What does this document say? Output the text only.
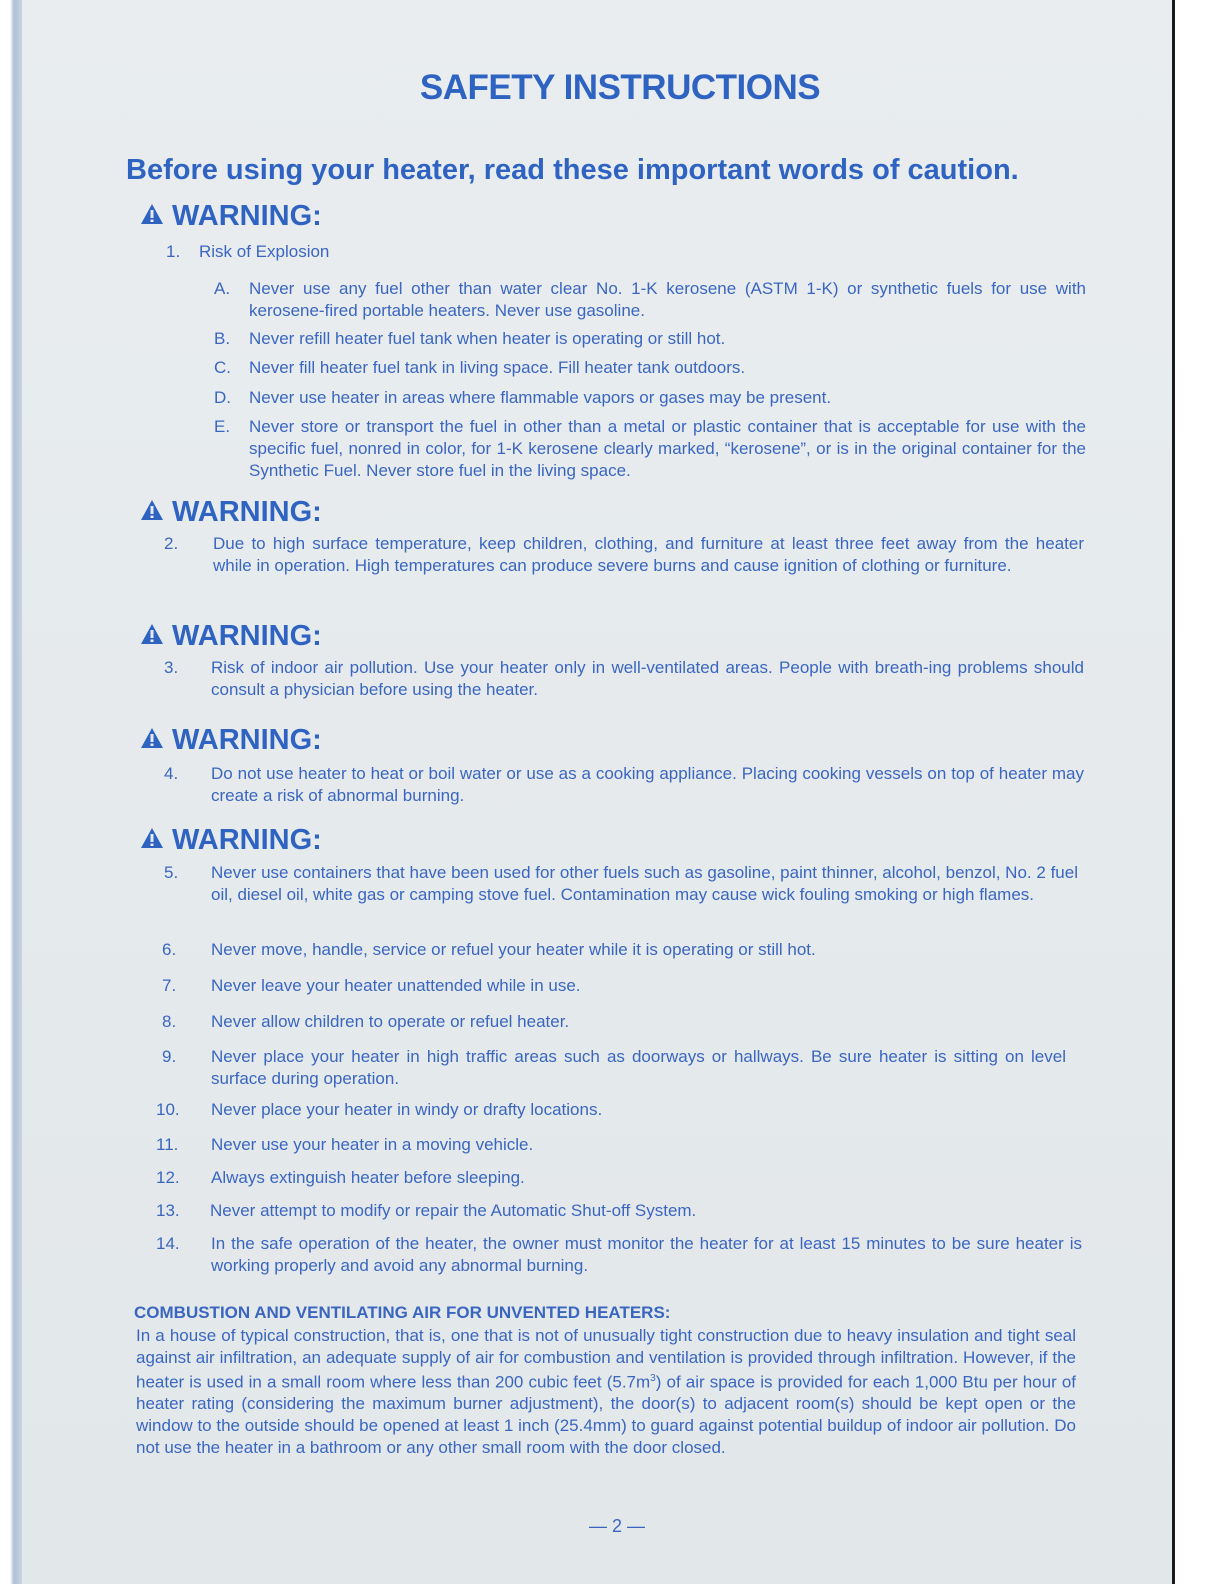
SAFETY INSTRUCTIONS
Before using your heater, read these important words of caution.
WARNING:
1. Risk of Explosion
A. Never use any fuel other than water clear No. 1-K kerosene (ASTM 1-K) or synthetic fuels for use with kerosene-fired portable heaters. Never use gasoline.
B. Never refill heater fuel tank when heater is operating or still hot.
C. Never fill heater fuel tank in living space. Fill heater tank outdoors.
D. Never use heater in areas where flammable vapors or gases may be present.
E. Never store or transport the fuel in other than a metal or plastic container that is acceptable for use with the specific fuel, nonred in color, for 1-K kerosene clearly marked, “kerosene”, or is in the original container for the Synthetic Fuel. Never store fuel in the living space.
WARNING:
2. Due to high surface temperature, keep children, clothing, and furniture at least three feet away from the heater while in operation. High temperatures can produce severe burns and cause ignition of clothing or furniture.
WARNING:
3. Risk of indoor air pollution. Use your heater only in well-ventilated areas. People with breath-ing problems should consult a physician before using the heater.
WARNING:
4. Do not use heater to heat or boil water or use as a cooking appliance. Placing cooking vessels on top of heater may create a risk of abnormal burning.
WARNING:
5. Never use containers that have been used for other fuels such as gasoline, paint thinner, alcohol, benzol, No. 2 fuel oil, diesel oil, white gas or camping stove fuel. Contamination may cause wick fouling smoking or high flames.
6. Never move, handle, service or refuel your heater while it is operating or still hot.
7. Never leave your heater unattended while in use.
8. Never allow children to operate or refuel heater.
9. Never place your heater in high traffic areas such as doorways or hallways. Be sure heater is sitting on level surface during operation.
10. Never place your heater in windy or drafty locations.
11. Never use your heater in a moving vehicle.
12. Always extinguish heater before sleeping.
13. Never attempt to modify or repair the Automatic Shut-off System.
14. In the safe operation of the heater, the owner must monitor the heater for at least 15 minutes to be sure heater is working properly and avoid any abnormal burning.
COMBUSTION AND VENTILATING AIR FOR UNVENTED HEATERS:
In a house of typical construction, that is, one that is not of unusually tight construction due to heavy insulation and tight seal against air infiltration, an adequate supply of air for combustion and ventilation is provided through infiltration. However, if the heater is used in a small room where less than 200 cubic feet $(5.7m^3)$ of air space is provided for each 1,000 Btu per hour of heater rating (considering the maximum burner adjustment), the door(s) to adjacent room(s) should be kept open or the window to the outside should be opened at least 1 inch (25.4mm) to guard against potential buildup of indoor air pollution. Do not use the heater in a bathroom or any other small room with the door closed.
— 2 —
